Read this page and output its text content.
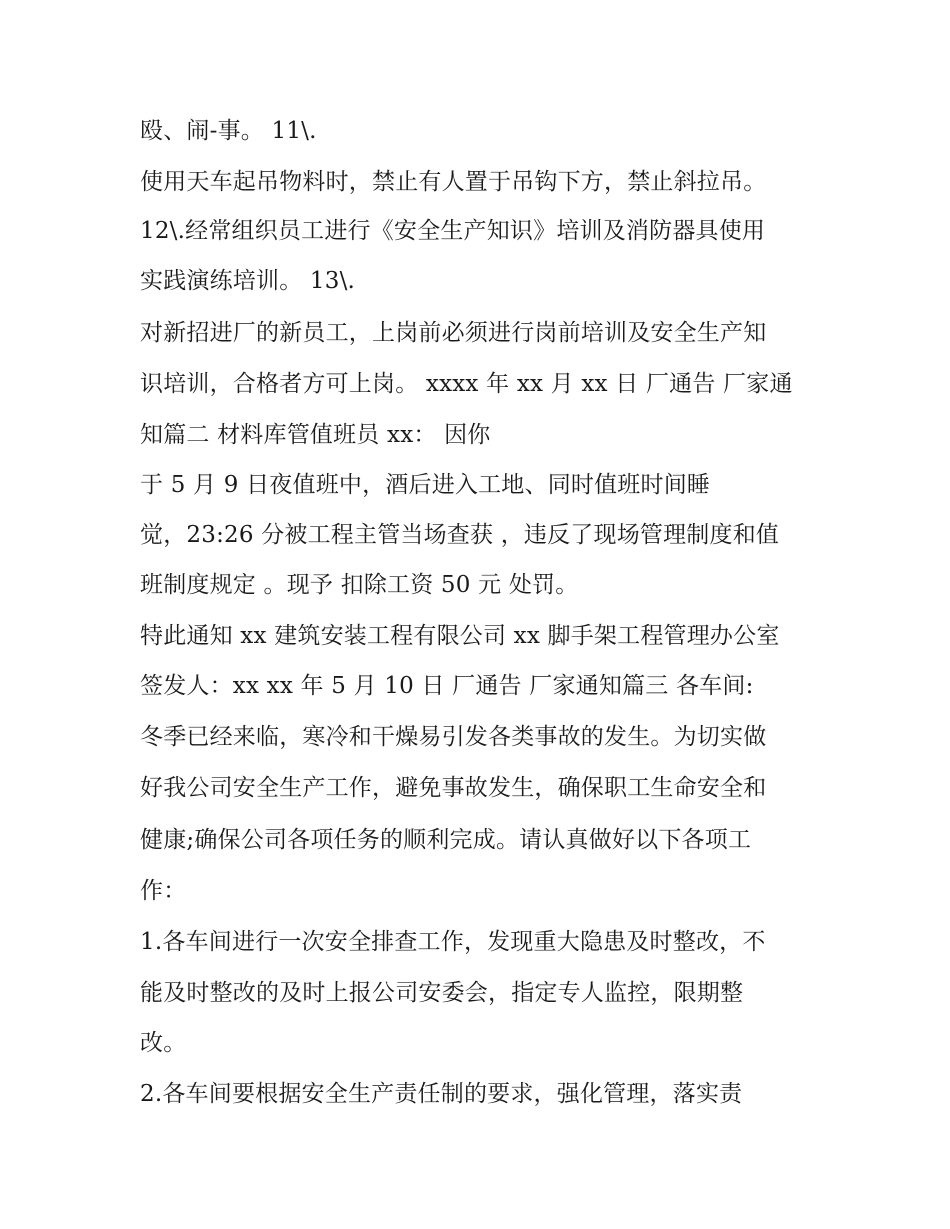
殴、闹-事。 11\.

使用天车起吊物料时，禁止有人置于吊钩下方，禁止斜拉吊。

12\.经常组织员工进行《安全生产知识》培训及消防器具使用

实践演练培训。 13\.

对新招进厂的新员工，上岗前必须进行岗前培训及安全生产知

识培训，合格者方可上岗。 xxxx 年 xx 月 xx 日 厂通告 厂家通

知篇二 材料库管值班员 xx： 因你

于 5 月 9 日夜值班中，酒后进入工地、同时值班时间睡

觉，23:26 分被工程主管当场查获 ，违反了现场管理制度和值

班制度规定 。现予 扣除工资 50 元 处罚。

特此通知 xx 建筑安装工程有限公司 xx 脚手架工程管理办公室

签发人：xx xx 年 5 月 10 日 厂通告 厂家通知篇三 各车间:

冬季已经来临，寒冷和干燥易引发各类事故的发生。为切实做

好我公司安全生产工作，避免事故发生，确保职工生命安全和

健康;确保公司各项任务的顺利完成。请认真做好以下各项工

作：

1.各车间进行一次安全排查工作，发现重大隐患及时整改，不

能及时整改的及时上报公司安委会，指定专人监控，限期整

改。

2.各车间要根据安全生产责任制的要求，强化管理，落实责
